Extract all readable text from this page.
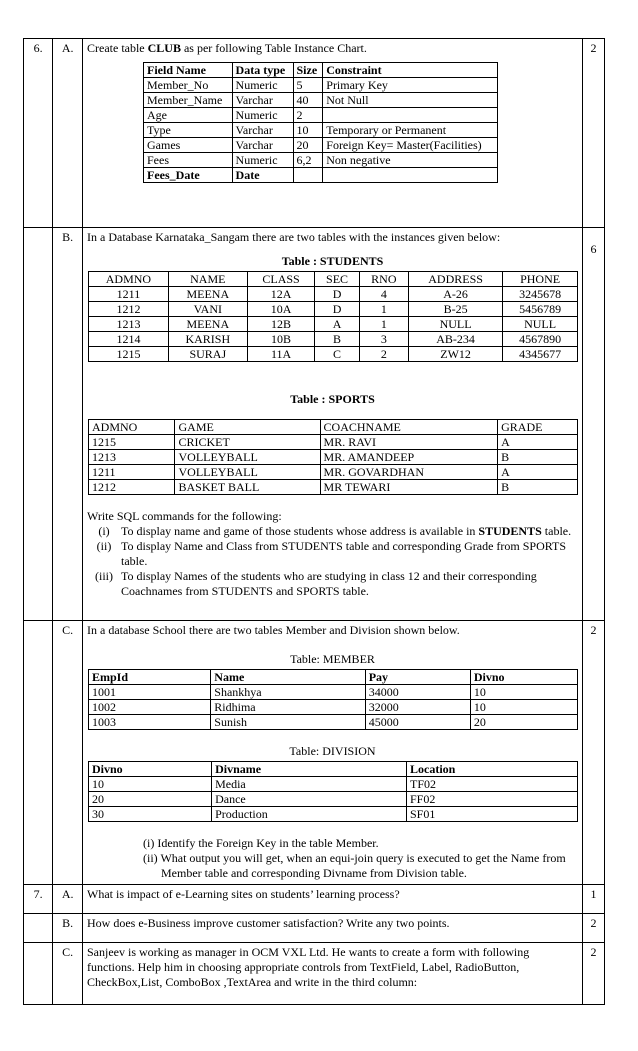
6.	A.	Create table CLUB as per following Table Instance Chart.

Field Name	Data type	Size	Constraint
Member_No	Numeric	5	Primary Key
Member_Name	Varchar	40	Not Null
Age	Numeric	2	
Type	Varchar	10	Temporary or Permanent
Games	Varchar	20	Foreign Key= Master(Facilities)
Fees	Numeric	6,2	Non negative
Fees_Date	Date		
	2
	B.	In a Database Karnataka_Sangam there are two tables with the instances given below:

Table : STUDENTS
ADMNO	NAME	CLASS	SEC	RNO	ADDRESS	PHONE
1211	MEENA	12A	D	4	A-26	3245678
1212	VANI	10A	D	1	B-25	5456789
1213	MEENA	12B	A	1	NULL	NULL
1214	KARISH	10B	B	3	AB-234	4567890
1215	SURAJ	11A	C	2	ZW12	4345677
Table : SPORTS
ADMNO	GAME	COACHNAME	GRADE
1215	CRICKET	MR. RAVI	A
1213	VOLLEYBALL	MR. AMANDEEP	B
1211	VOLLEYBALL	MR. GOVARDHAN	A
1212	BASKET BALL	MR TEWARI	B

Write SQL commands for the following:

(i) To display name and game of those students whose address is available in STUDENTS table.
(ii) To display Name and Class from STUDENTS table and corresponding Grade from SPORTS table.
(iii) To display Names of the students who are studying in class 12 and their corresponding Coachnames from STUDENTS and SPORTS table.

6

	C.	In a database School there are two tables Member and Division shown below.

Table: MEMBER
EmpId	Name	Pay	Divno
1001	Shankhya	34000	10
1002	Ridhima	32000	10
1003	Sunish	45000	20
Table: DIVISION
Divno	Divname	Location
10	Media	TF02
20	Dance	FF02
30	Production	SF01

(i) Identify the Foreign Key in the table Member.

(ii) What output you will get, when an equi-join query is executed to get the Name from Member table and corresponding Divname from Division table.

	2
7.	A.	What is impact of e-Learning sites on students’ learning process?	1
	B.	How does e-Business improve customer satisfaction? Write any two points.	2
	C.	Sanjeev is working as manager in OCM VXL Ltd. He wants to create a form with following functions. Help him in choosing appropriate controls from TextField, Label, RadioButton, CheckBox,List, ComboBox ,TextArea and write in the third column:	2
